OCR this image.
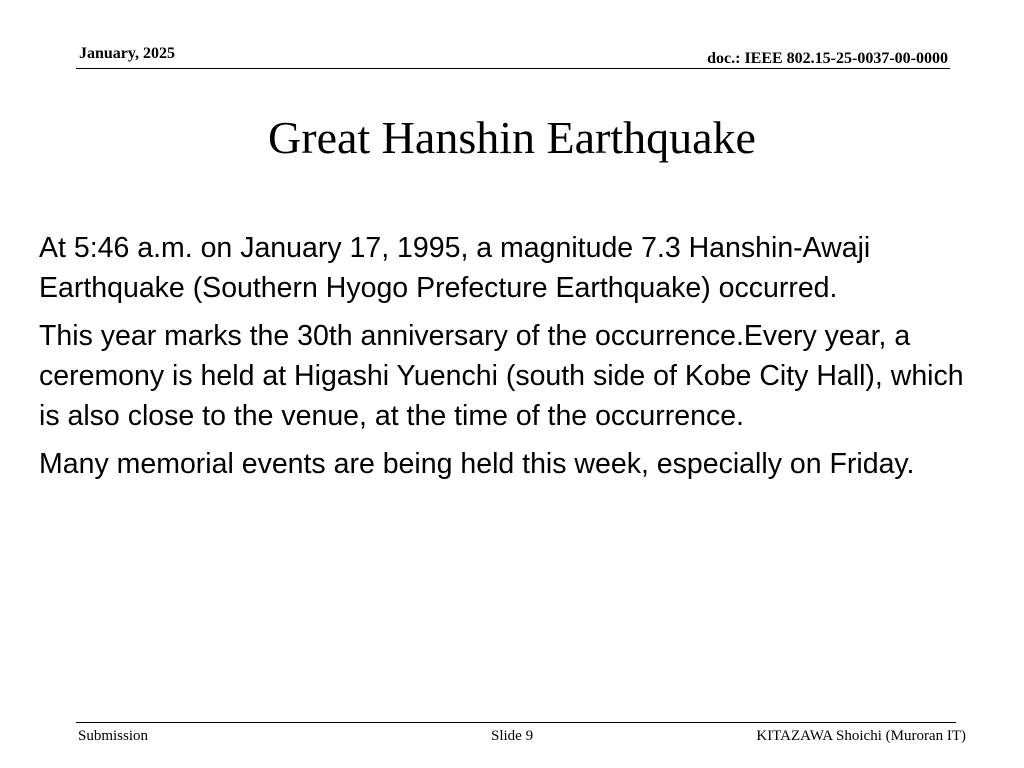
January, 2025	doc.: IEEE 802.15-25-0037-00-0000
Great Hanshin Earthquake

At 5:46 a.m. on January 17, 1995, a magnitude 7.3 Hanshin-Awaji Earthquake (Southern Hyogo Prefecture Earthquake) occurred.

This year marks the 30th anniversary of the occurrence.Every year, a ceremony is held at Higashi Yuenchi (south side of Kobe City Hall), which is also close to the venue, at the time of the occurrence.

Many memorial events are being held this week, especially on Friday.

Submission	Slide 9	KITAZAWA Shoichi (Muroran IT)
